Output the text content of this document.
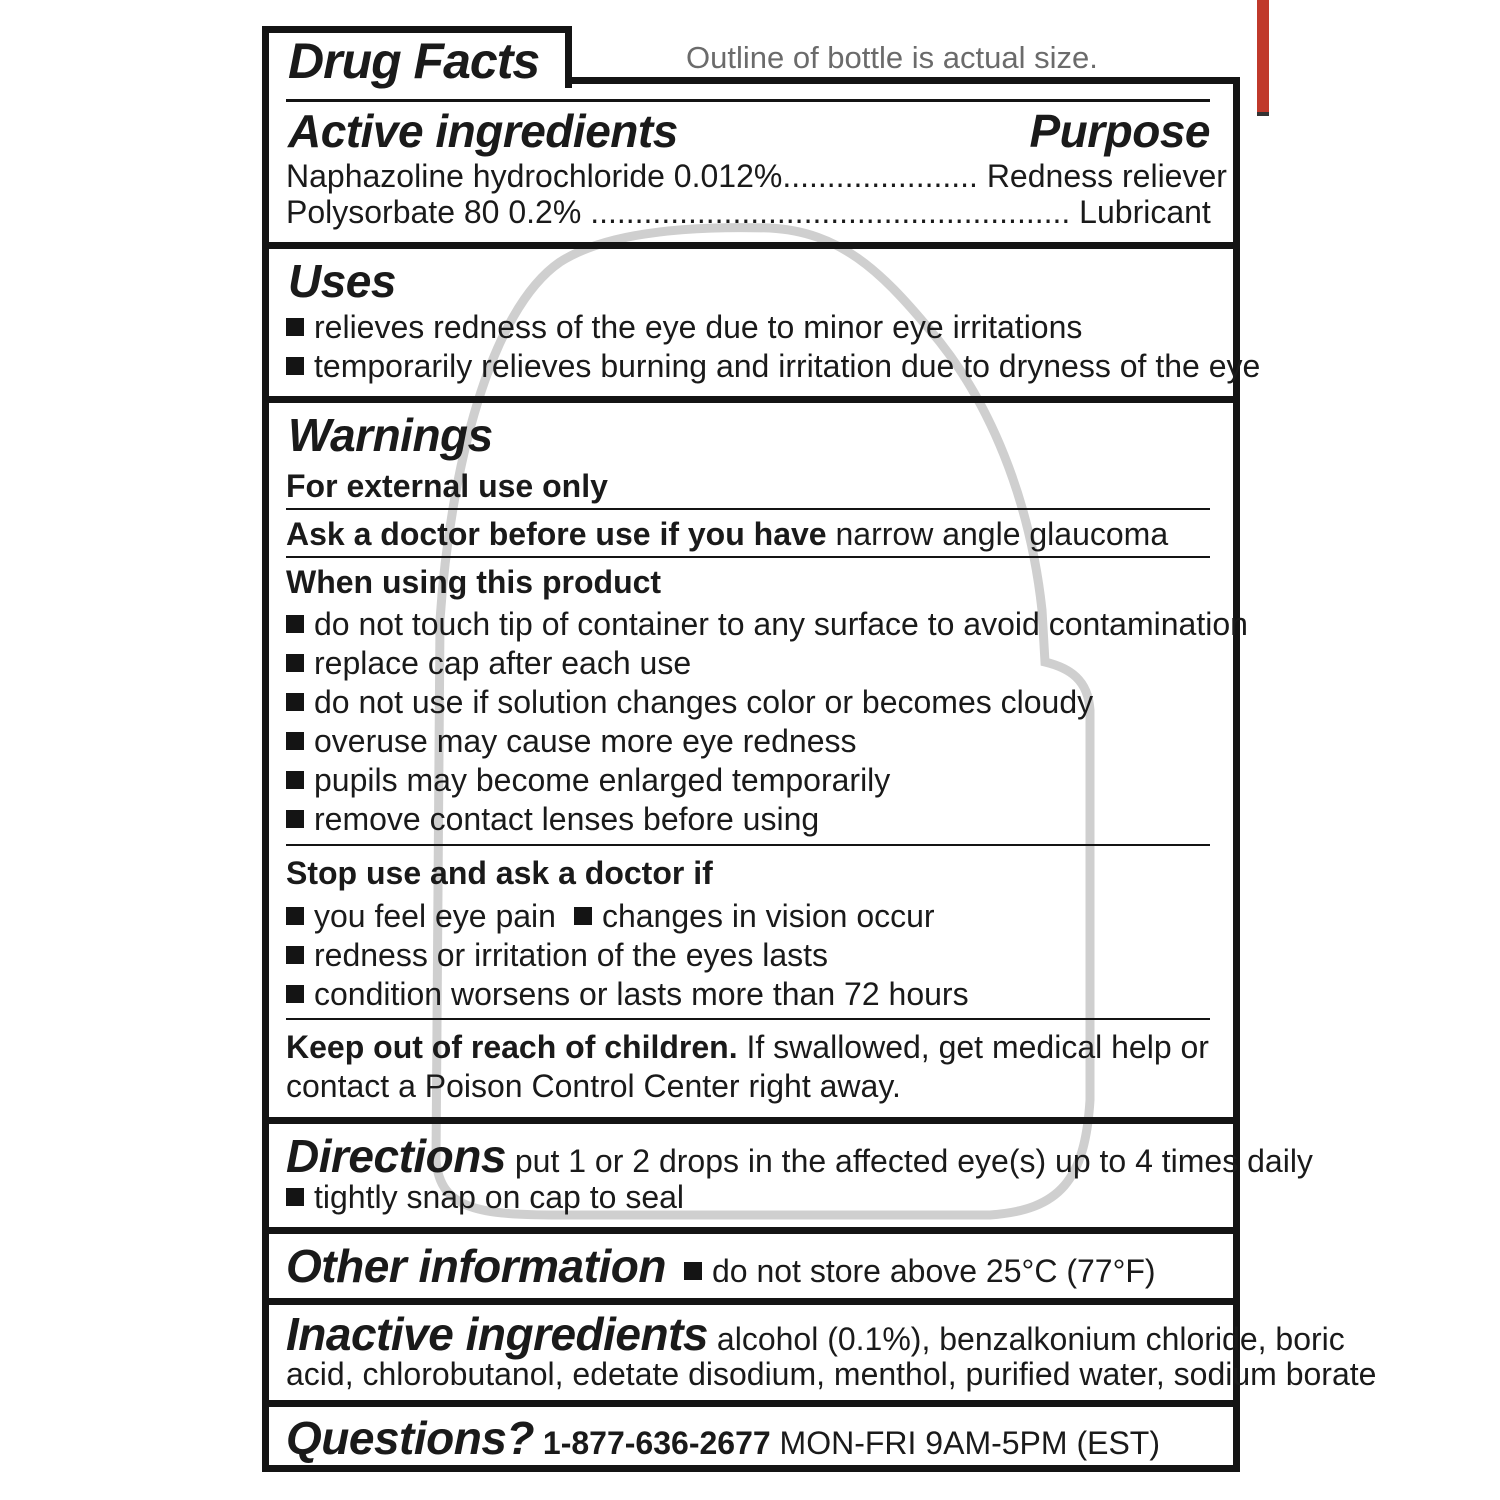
Drug Facts	Outline of bottle is actual size.
Active ingredients	Purpose
Naphazoline hydrochloride 0.012%...................... Redness reliever
Polysorbate 80 0.2% ...................................................... Lubricant
Uses
relieves redness of the eye due to minor eye irritations
temporarily relieves burning and irritation due to dryness of the eye
Warnings
For external use only
Ask a doctor before use if you have narrow angle glaucoma
When using this product
do not touch tip of container to any surface to avoid contamination
replace cap after each use
do not use if solution changes color or becomes cloudy
overuse may cause more eye redness
pupils may become enlarged temporarily
remove contact lenses before using
Stop use and ask a doctor if
you feel eye pain changes in vision occur
redness or irritation of the eyes lasts
condition worsens or lasts more than 72 hours
Keep out of reach of children. If swallowed, get medical help or
contact a Poison Control Center right away.
Directions put 1 or 2 drops in the affected eye(s) up to 4 times daily
tightly snap on cap to seal
Other information do not store above 25°C (77°F)
Inactive ingredients alcohol (0.1%), benzalkonium chloride, boric
acid, chlorobutanol, edetate disodium, menthol, purified water, sodium borate
Questions? 1-877-636-2677 MON-FRI 9AM-5PM (EST)
